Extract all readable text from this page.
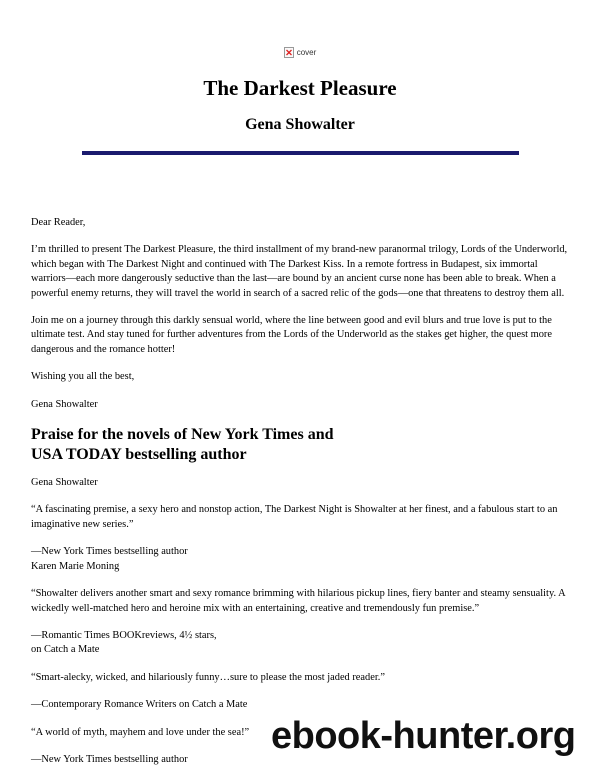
cover
The Darkest Pleasure
Gena Showalter

Dear Reader,

I’m thrilled to present The Darkest Pleasure, the third installment of my brand-new paranormal trilogy, Lords of the Underworld, which began with The Darkest Night and continued with The Darkest Kiss. In a remote fortress in Budapest, six immortal warriors—each more dangerously seductive than the last—are bound by an ancient curse none has been able to break. When a powerful enemy returns, they will travel the world in search of a sacred relic of the gods—one that threatens to destroy them all.

Join me on a journey through this darkly sensual world, where the line between good and evil blurs and true love is put to the ultimate test. And stay tuned for further adventures from the Lords of the Underworld as the stakes get higher, the quest more dangerous and the romance hotter!

Wishing you all the best,

Gena Showalter

Praise for the novels of New York Times and
USA TODAY bestselling author

Gena Showalter

“A fascinating premise, a sexy hero and nonstop action, The Darkest Night is Showalter at her finest, and a fabulous start to an imaginative new series.”

—New York Times bestselling author
Karen Marie Moning

“Showalter delivers another smart and sexy romance brimming with hilarious pickup lines, fiery banter and steamy sensuality. A wickedly well-matched hero and heroine mix with an entertaining, creative and tremendously fun premise.”

—Romantic Times BOOKreviews, 4½ stars,
on Catch a Mate

“Smart-alecky, wicked, and hilariously funny…sure to please the most jaded reader.”

—Contemporary Romance Writers on Catch a Mate

“A world of myth, mayhem and love under the sea!”

—New York Times bestselling author

ebook-hunter.org
